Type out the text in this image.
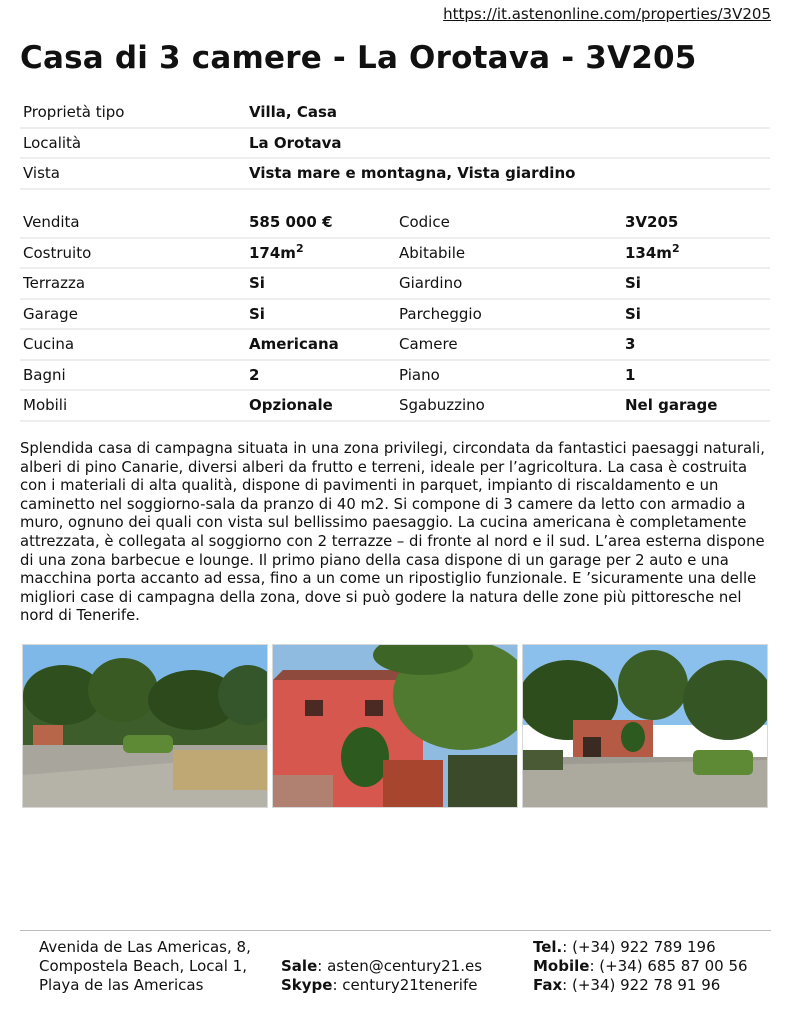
https://it.astenonline.com/properties/3V205
Casa di 3 camere - La Orotava - 3V205
Proprietà tipo	Villa, Casa
Località	La Orotava
Vista	Vista mare e montagna, Vista giardino
Vendita	585 000 €	Codice	3V205
Costruito	$174m^2$	Abitabile	$134m^2$
Terrazza	Si	Giardino	Si
Garage	Si	Parcheggio	Si
Cucina	Americana	Camere	3
Bagni	2	Piano	1
Mobili	Opzionale	Sgabuzzino	Nel garage

Splendida casa di campagna situata in una zona privilegi, circondata da fantastici paesaggi naturali, alberi di pino Canarie, diversi alberi da frutto e terreni, ideale per l’agricoltura. La casa è costruita con i materiali di alta qualità, dispone di pavimenti in parquet, impianto di riscaldamento e un caminetto nel soggiorno-sala da pranzo di 40 m2. Si compone di 3 camere da letto con armadio a muro, ognuno dei quali con vista sul bellissimo paesaggio. La cucina americana è completamente attrezzata, è collegata al soggiorno con 2 terrazze – di fronte al nord e il sud. L’area esterna dispone di una zona barbecue e lounge. Il primo piano della casa dispone di un garage per 2 auto e una macchina porta accanto ad essa, fino a un come un ripostiglio funzionale. E ’sicuramente una delle migliori case di campagna della zona, dove si può godere la natura delle zone più pittoresche nel nord di Tenerife.

Avenida de Las Americas, 8,
Compostela Beach, Local 1,
Playa de las Americas
Sale: asten@century21.es
Skype: century21tenerife
Tel.: (+34) 922 789 196
Mobile: (+34) 685 87 00 56
Fax: (+34) 922 78 91 96
